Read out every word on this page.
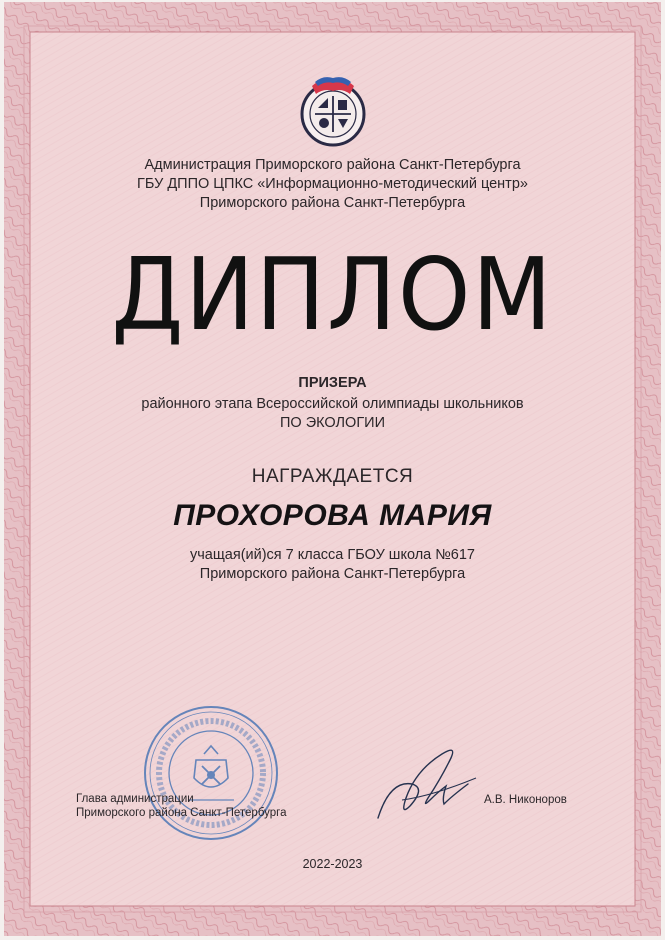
Администрация Приморского района Санкт-Петербурга

ГБУ ДППО ЦПКС «Информационно-методический центр»

Приморского района Санкт-Петербурга

ДИПЛОМ

ПРИЗЕРА

районного этапа Всероссийской олимпиады школьников

ПО ЭКОЛОГИИ

НАГРАЖДАЕТСЯ

ПРОХОРОВА МАРИЯ

учащая(ий)ся 7 класса ГБОУ школа №617

Приморского района Санкт-Петербурга

Глава администрации
Приморского района Санкт-Петербурга
А.В. Никоноров
2022-2023
